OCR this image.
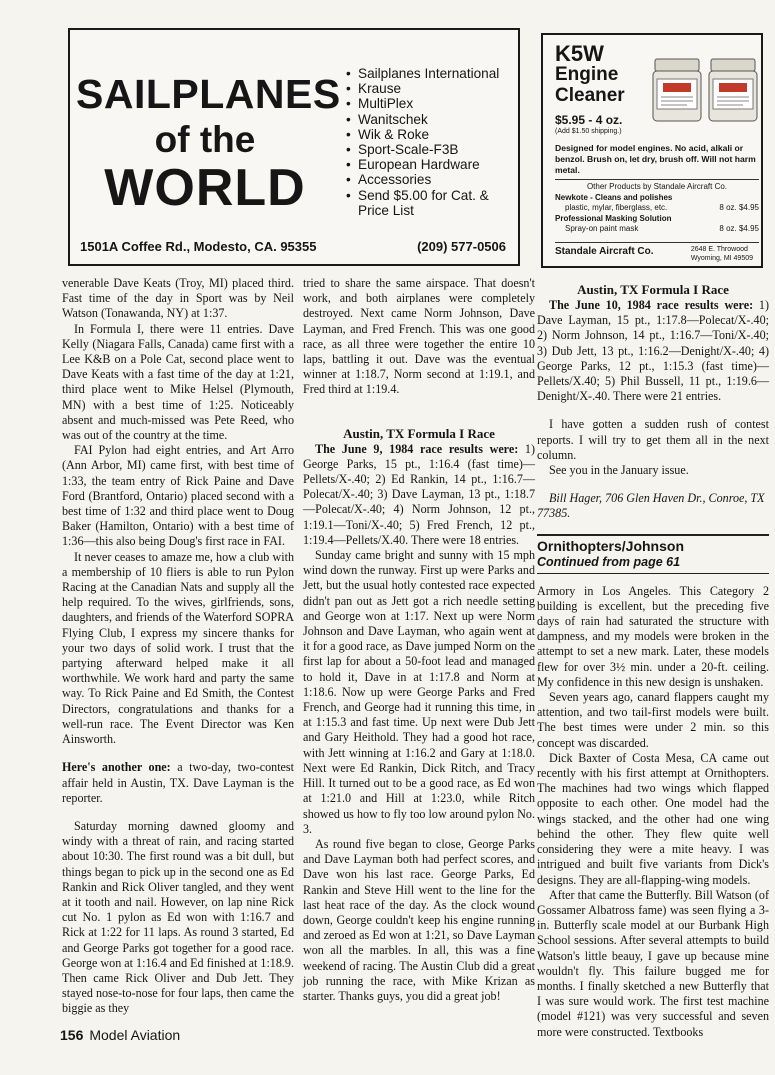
SAILPLANES
of the
WORLD
• Sailplanes International
• Krause
• MultiPlex
• Wanitschek
• Wik & Roke
• Sport-Scale-F3B
• European Hardware
• Accessories
• Send $5.00 for Cat. & Price List
1501A Coffee Rd., Modesto, CA. 95355	(209) 577-0506
K5W
Engine
Cleaner
$5.95 - 4 oz.
(Add $1.50 shipping.)
Designed for model engines. No acid, alkali or benzol. Brush on, let dry, brush off. Will not harm metal.
Other Products by Standale Aircraft Co.
Newkote - Cleans and polishes
plastic, mylar, fiberglass, etc.	8 oz. $4.95
Professional Masking Solution
Spray-on paint mask	8 oz. $4.95
Standale Aircraft Co.	2648 E. Throwood
Wyoming, MI 49509

venerable Dave Keats (Troy, MI) placed third. Fast time of the day in Sport was by Neil Watson (Tonawanda, NY) at 1:37.

In Formula I, there were 11 entries. Dave Kelly (Niagara Falls, Canada) came first with a Lee K&B on a Pole Cat, second place went to Dave Keats with a fast time of the day at 1:21, third place went to Mike Helsel (Plymouth, MN) with a best time of 1:25. Noticeably absent and much-missed was Pete Reed, who was out of the country at the time.

FAI Pylon had eight entries, and Art Arro (Ann Arbor, MI) came first, with best time of 1:33, the team entry of Rick Paine and Dave Ford (Brantford, Ontario) placed second with a best time of 1:32 and third place went to Doug Baker (Hamilton, Ontario) with a best time of 1:36—this also being Doug's first race in FAI.

It never ceases to amaze me, how a club with a membership of 10 fliers is able to run Pylon Racing at the Canadian Nats and supply all the help required. To the wives, girlfriends, sons, daughters, and friends of the Waterford SOPRA Flying Club, I express my sincere thanks for your two days of solid work. I trust that the partying afterward helped make it all worthwhile. We work hard and party the same way. To Rick Paine and Ed Smith, the Contest Directors, congratulations and thanks for a well-run race. The Event Director was Ken Ainsworth.

Here's another one: a two-day, two-contest affair held in Austin, TX. Dave Layman is the reporter.

Saturday morning dawned gloomy and windy with a threat of rain, and racing started about 10:30. The first round was a bit dull, but things began to pick up in the second one as Ed Rankin and Rick Oliver tangled, and they went at it tooth and nail. However, on lap nine Rick cut No. 1 pylon as Ed won with 1:16.7 and Rick at 1:22 for 11 laps. As round 3 started, Ed and George Parks got together for a good race. George won at 1:16.4 and Ed finished at 1:18.9. Then came Rick Oliver and Dub Jett. They stayed nose-to-nose for four laps, then came the biggie as they

tried to share the same airspace. That doesn't work, and both airplanes were completely destroyed. Next came Norm Johnson, Dave Layman, and Fred French. This was one good race, as all three were together the entire 10 laps, battling it out. Dave was the eventual winner at 1:18.7, Norm second at 1:19.1, and Fred third at 1:19.4.

Austin, TX Formula I Race

The June 9, 1984 race results were: 1) George Parks, 15 pt., 1:16.4 (fast time)—Pellets/X-.40; 2) Ed Rankin, 14 pt., 1:16.7—Polecat/X-.40; 3) Dave Layman, 13 pt., 1:18.7—Polecat/X-.40; 4) Norm Johnson, 12 pt., 1:19.1—Toni/X-.40; 5) Fred French, 12 pt., 1:19.4—Pellets/X.40. There were 18 entries.

Sunday came bright and sunny with 15 mph wind down the runway. First up were Parks and Jett, but the usual hotly contested race expected didn't pan out as Jett got a rich needle setting and George won at 1:17. Next up were Norm Johnson and Dave Layman, who again went at it for a good race, as Dave jumped Norm on the first lap for about a 50-foot lead and managed to hold it, Dave in at 1:17.8 and Norm at 1:18.6. Now up were George Parks and Fred French, and George had it running this time, in at 1:15.3 and fast time. Up next were Dub Jett and Gary Heithold. They had a good hot race, with Jett winning at 1:16.2 and Gary at 1:18.0. Next were Ed Rankin, Dick Ritch, and Tracy Hill. It turned out to be a good race, as Ed won at 1:21.0 and Hill at 1:23.0, while Ritch showed us how to fly too low around pylon No. 3.

As round five began to close, George Parks and Dave Layman both had perfect scores, and Dave won his last race. George Parks, Ed Rankin and Steve Hill went to the line for the last heat race of the day. As the clock wound down, George couldn't keep his engine running and zeroed as Ed won at 1:21, so Dave Layman won all the marbles. In all, this was a fine weekend of racing. The Austin Club did a great job running the race, with Mike Krizan as starter. Thanks guys, you did a great job!

Austin, TX Formula I Race

The June 10, 1984 race results were: 1) Dave Layman, 15 pt., 1:17.8—Polecat/X-.40; 2) Norm Johnson, 14 pt., 1:16.7—Toni/X-.40; 3) Dub Jett, 13 pt., 1:16.2—Denight/X-.40; 4) George Parks, 12 pt., 1:15.3 (fast time)—Pellets/X.40; 5) Phil Bussell, 11 pt., 1:19.6—Denight/X-.40. There were 21 entries.

I have gotten a sudden rush of contest reports. I will try to get them all in the next column.

See you in the January issue.

Bill Hager, 706 Glen Haven Dr., Conroe, TX 77385.

Ornithopters/Johnson
Continued from page 61

Armory in Los Angeles. This Category 2 building is excellent, but the preceding five days of rain had saturated the structure with dampness, and my models were broken in the attempt to set a new mark. Later, these models flew for over 3½ min. under a 20-ft. ceiling. My confidence in this new design is unshaken.

Seven years ago, canard flappers caught my attention, and two tail-first models were built. The best times were under 2 min. so this concept was discarded.

Dick Baxter of Costa Mesa, CA came out recently with his first attempt at Ornithopters. The machines had two wings which flapped opposite to each other. One model had the wings stacked, and the other had one wing behind the other. They flew quite well considering they were a mite heavy. I was intrigued and built five variants from Dick's designs. They are all-flapping-wing models.

After that came the Butterfly. Bill Watson (of Gossamer Albatross fame) was seen flying a 3-in. Butterfly scale model at our Burbank High School sessions. After several attempts to build Watson's little beauy, I gave up because mine wouldn't fly. This failure bugged me for months. I finally sketched a new Butterfly that I was sure would work. The first test machine (model #121) was very successful and seven more were constructed. Textbooks

156 Model Aviation
